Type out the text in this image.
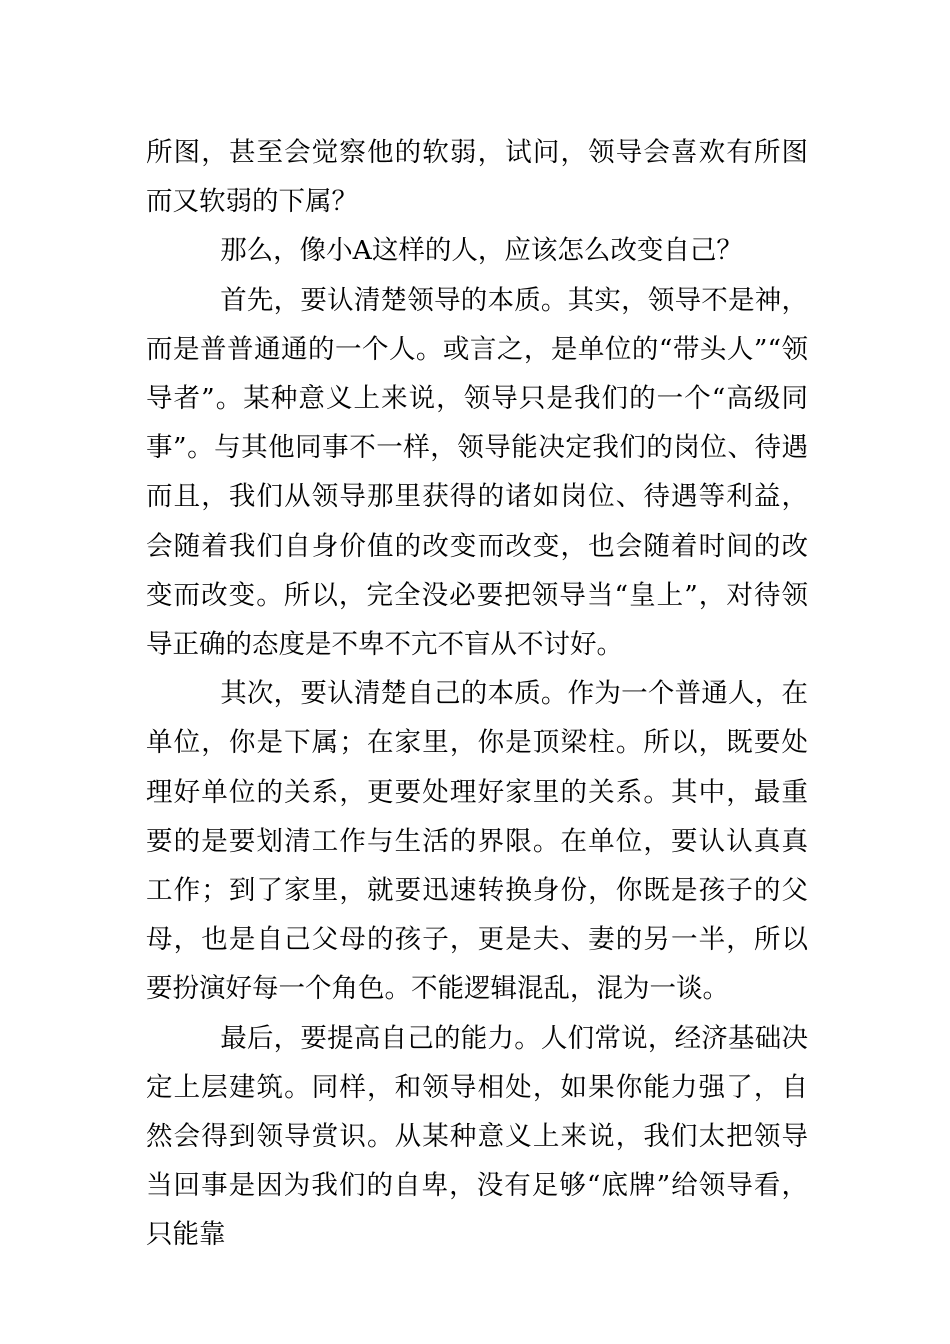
所图，甚至会觉察他的软弱，试问，领导会喜欢有所图而又软弱的下属？

那么，像小A这样的人，应该怎么改变自己？

首先，要认清楚领导的本质。其实，领导不是神，而是普普通通的一个人。或言之，是单位的“带头人”“领导者”。某种意义上来说，领导只是我们的一个“高级同事”。与其他同事不一样，领导能决定我们的岗位、待遇而且，我们从领导那里获得的诸如岗位、待遇等利益，会随着我们自身价值的改变而改变，也会随着时间的改变而改变。所以，完全没必要把领导当“皇上”，对待领导正确的态度是不卑不亢不盲从不讨好。

其次，要认清楚自己的本质。作为一个普通人，在单位，你是下属；在家里，你是顶梁柱。所以，既要处理好单位的关系，更要处理好家里的关系。其中，最重要的是要划清工作与生活的界限。在单位，要认认真真工作；到了家里，就要迅速转换身份，你既是孩子的父母，也是自己父母的孩子，更是夫、妻的另一半，所以要扮演好每一个角色。不能逻辑混乱，混为一谈。

最后，要提高自己的能力。人们常说，经济基础决定上层建筑。同样，和领导相处，如果你能力强了，自然会得到领导赏识。从某种意义上来说，我们太把领导当回事是因为我们的自卑，没有足够“底牌”给领导看，只能靠
